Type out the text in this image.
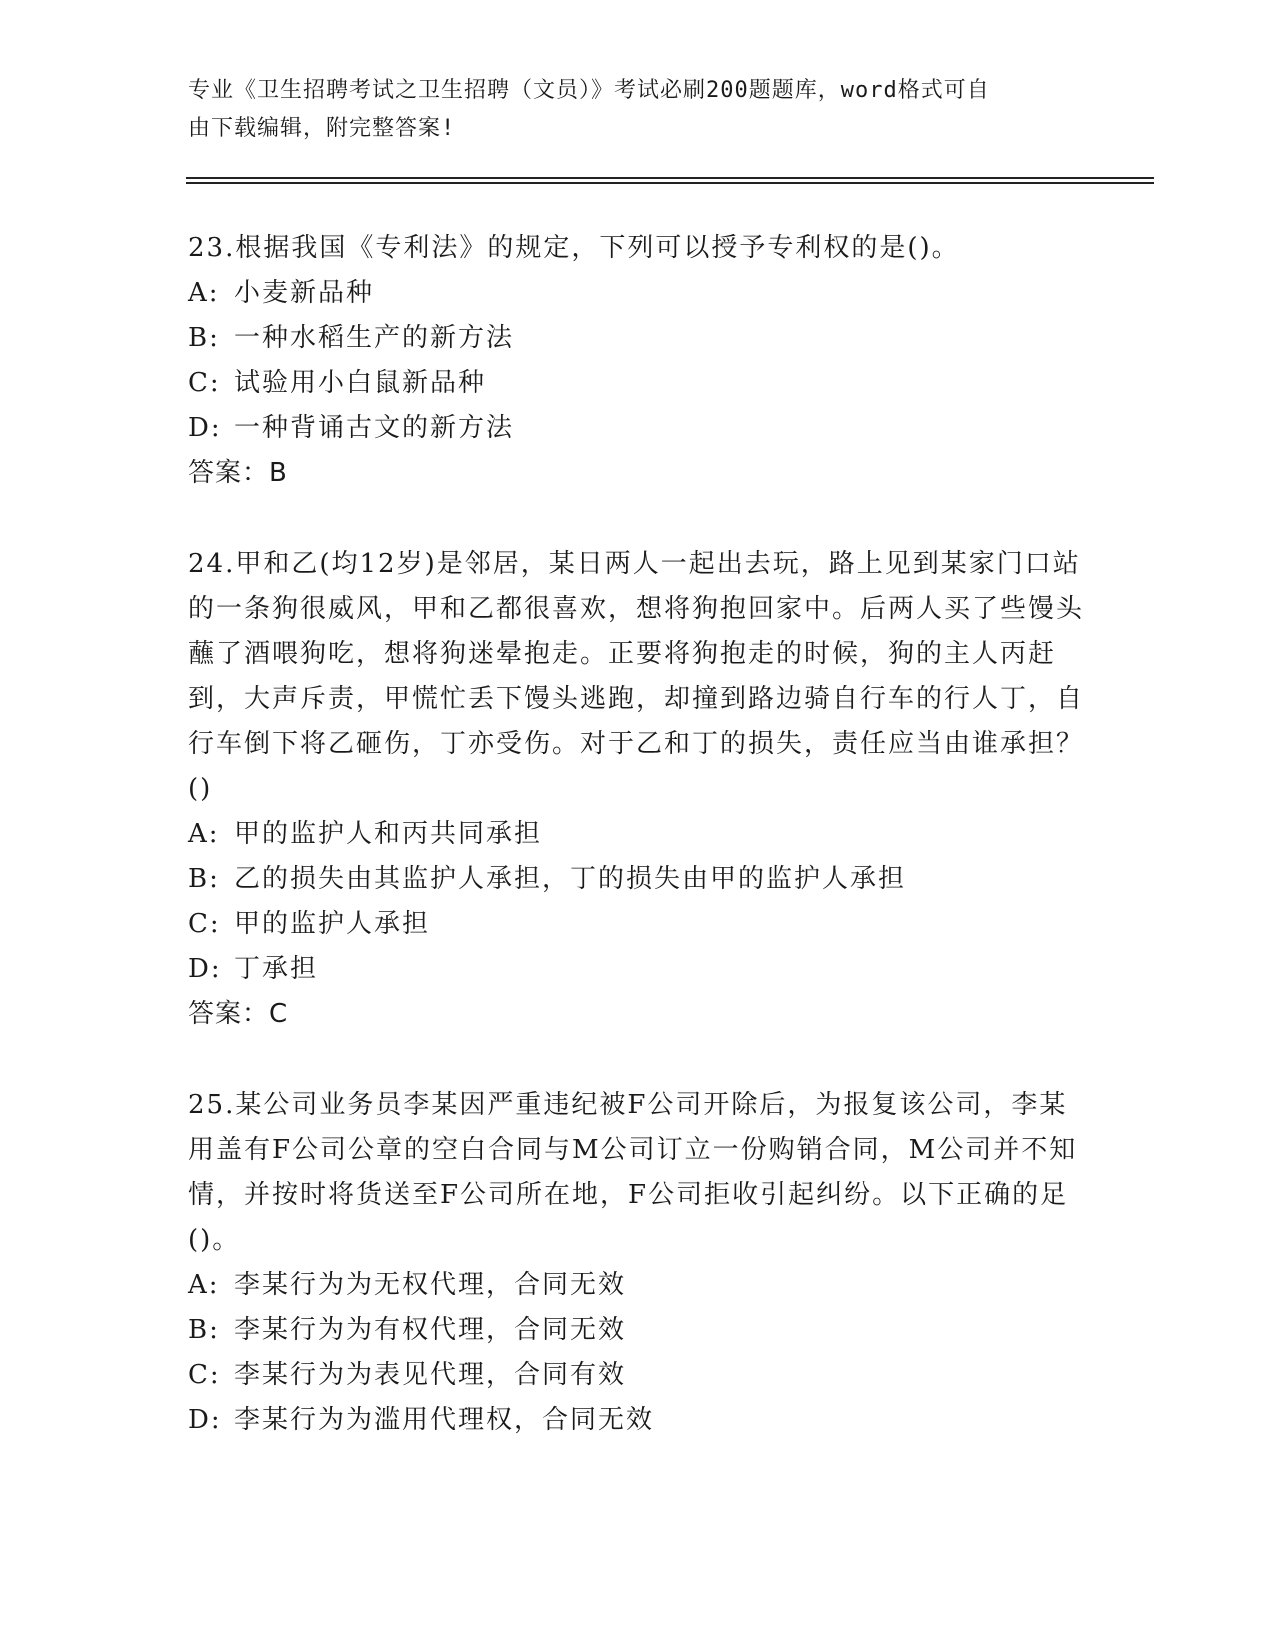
专业《卫生招聘考试之卫生招聘（文员）》考试必刷200题题库，word格式可自
由下载编辑，附完整答案!

23.根据我国《专利法》的规定，下列可以授予专利权的是()。

A: 小麦新品种

B: 一种水稻生产的新方法

C: 试验用小白鼠新品种

D: 一种背诵古文的新方法

答案：B

24.甲和乙(均12岁)是邻居，某日两人一起出去玩，路上见到某家门口站的一条狗很威风，甲和乙都很喜欢，想将狗抱回家中。后两人买了些馒头蘸了酒喂狗吃，想将狗迷晕抱走。正要将狗抱走的时候，狗的主人丙赶到，大声斥责，甲慌忙丢下馒头逃跑，却撞到路边骑自行车的行人丁，自行车倒下将乙砸伤，丁亦受伤。对于乙和丁的损失，责任应当由谁承担？()

A: 甲的监护人和丙共同承担

B: 乙的损失由其监护人承担，丁的损失由甲的监护人承担

C: 甲的监护人承担

D: 丁承担

答案：C

25.某公司业务员李某因严重违纪被F公司开除后，为报复该公司，李某用盖有F公司公章的空白合同与M公司订立一份购销合同，M公司并不知情，并按时将货送至F公司所在地，F公司拒收引起纠纷。以下正确的足()。

A: 李某行为为无权代理，合同无效

B: 李某行为为有权代理，合同无效

C: 李某行为为表见代理，合同有效

D: 李某行为为滥用代理权，合同无效
